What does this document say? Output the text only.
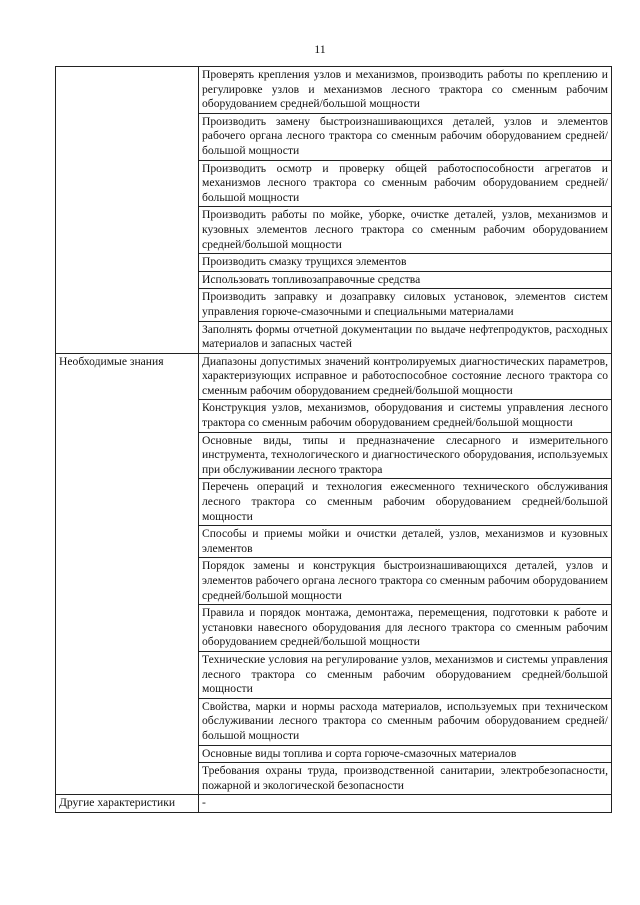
11
	Проверять крепления узлов и механизмов, производить работы по креплению и регулировке узлов и механизмов лесного трактора со сменным рабочим оборудованием средней/большой мощности
	Производить замену быстроизнашивающихся деталей, узлов и элементов рабочего органа лесного трактора со сменным рабочим оборудованием средней/большой мощности
	Производить осмотр и проверку общей работоспособности агрегатов и механизмов лесного трактора со сменным рабочим оборудованием средней/большой мощности
	Производить работы по мойке, уборке, очистке деталей, узлов, механизмов и кузовных элементов лесного трактора со сменным рабочим оборудованием средней/большой мощности
	Производить смазку трущихся элементов
	Использовать топливозаправочные средства
	Производить заправку и дозаправку силовых установок, элементов систем управления горюче-смазочными и специальными материалами
	Заполнять формы отчетной документации по выдаче нефтепродуктов, расходных материалов и запасных частей
Необходимые знания	Диапазоны допустимых значений контролируемых диагностических параметров, характеризующих исправное и работоспособное состояние лесного трактора со сменным рабочим оборудованием средней/большой мощности
	Конструкция узлов, механизмов, оборудования и системы управления лесного трактора со сменным рабочим оборудованием средней/большой мощности
	Основные виды, типы и предназначение слесарного и измерительного инструмента, технологического и диагностического оборудования, используемых при обслуживании лесного трактора
	Перечень операций и технология ежесменного технического обслуживания лесного трактора со сменным рабочим оборудованием средней/большой мощности
	Способы и приемы мойки и очистки деталей, узлов, механизмов и кузовных элементов
	Порядок замены и конструкция быстроизнашивающихся деталей, узлов и элементов рабочего органа лесного трактора со сменным рабочим оборудованием средней/большой мощности
	Правила и порядок монтажа, демонтажа, перемещения, подготовки к работе и установки навесного оборудования для лесного трактора со сменным рабочим оборудованием средней/большой мощности
	Технические условия на регулирование узлов, механизмов и системы управления лесного трактора со сменным рабочим оборудованием средней/большой мощности
	Свойства, марки и нормы расхода материалов, используемых при техническом обслуживании лесного трактора со сменным рабочим оборудованием средней/большой мощности
	Основные виды топлива и сорта горюче-смазочных материалов
	Требования охраны труда, производственной санитарии, электробезопасности, пожарной и экологической безопасности
Другие характеристики	-
